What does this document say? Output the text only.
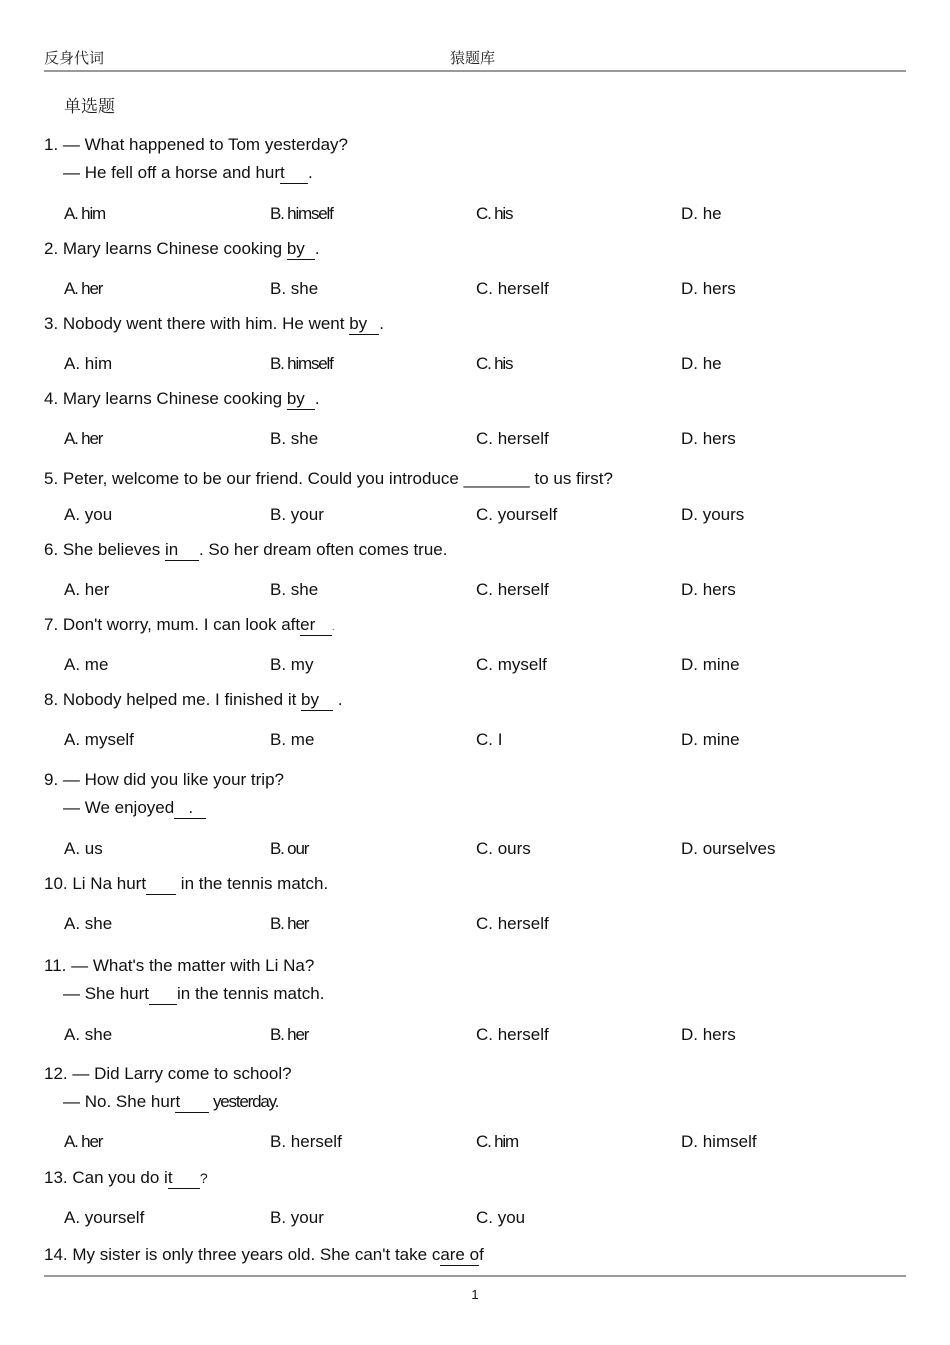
反身代词	猿题库
单选题
1. — What happened to Tom yesterday?
— He fell off a horse and hurt  .
A. him	B. himself	C. his	D. he
2. Mary learns Chinese cooking by  .
A. her	B. she	C. herself	D. hers
3. Nobody went there with him. He went by  .
A. him	B. himself	C. his	D. he
4. Mary learns Chinese cooking by  .
A. her	B. she	C. herself	D. hers
5. Peter, welcome to be our friend. Could you introduce _______ to us first?
A. you	B. your	C. yourself	D. yours
6. She believes in   . So her dream often comes true.
A. her	B. she	C. herself	D. hers
7. Don't worry, mum. I can look after   .
A. me	B. my	C. myself	D. mine
8. Nobody helped me. I finished it by    .
A. myself	B. me	C. I	D. mine
9. — How did you like your trip?
— We enjoyed   .
A. us	B. our	C. ours	D. ourselves
10. Li Na hurt      in the tennis match.
A. she	B. her	C. herself
11. — What's the matter with Li Na?
— She hurt in the tennis match.
A. she	B. her	C. herself	D. hers
12. — Did Larry come to school?
— No. She hurt      yesterday.
A. her	B. herself	C. him	D. himself
13. Can you do it     ?
A. yourself	B. your	C. you
14. My sister is only three years old. She can't take care of
1
